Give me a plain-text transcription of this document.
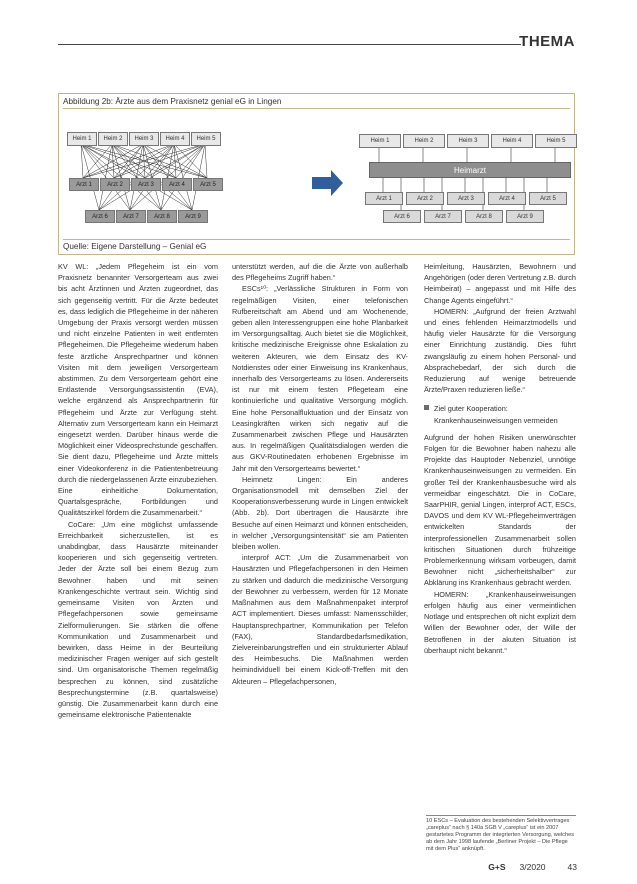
THEMA
Abbildung 2b: Ärzte aus dem Praxisnetz genial eG in Lingen
Quelle: Eigene Darstellung – Genial eG
Heim 1	Heim 2	Heim 3	Heim 4	Heim 5
Arzt 1	Arzt 2	Arzt 3	Arzt 4	Arzt 5
Arzt 6	Arzt 7	Arzt 8	Arzt 9
Heim 1	Heim 2	Heim 3	Heim 4	Heim 5
Heimarzt
Arzt 1	Arzt 2	Arzt 3	Arzt 4	Arzt 5
Arzt 6	Arzt 7	Arzt 8	Arzt 9

KV WL: „Jedem Pflegeheim ist ein vom Praxisnetz benannter Versorgerteam aus zwei bis acht Ärztinnen und Ärzten zugeordnet, das sich gegenseitig vertritt. Für die Ärzte bedeutet es, dass lediglich die Pflegeheime in der näheren Umgebung der Praxis versorgt werden müssen und nicht einzelne Patienten in weit entfernten Pflegeheimen. Die Pflegeheime wiederum haben feste ärztliche Ansprechpartner und können Visiten mit dem jeweiligen Versorgerteam abstimmen. Zu dem Versorgerteam gehört eine Entlastende Versorgungsassistentin (EVA), welche ergänzend als Ansprechpartnerin für Pflegeheim und Ärzte zur Verfügung steht. Alternativ zum Versorgerteam kann ein Heimarzt eingesetzt werden. Darüber hinaus werde die Möglichkeit einer Videosprechstunde geschaffen. Sie dient dazu, Pflegeheime und Ärzte mittels einer Videokonferenz in die Patientenbetreuung durch die niedergelassenen Ärzte einzubeziehen. Eine einheitliche Dokumentation, Quartalsgespräche, Fortbildungen und Qualitätszirkel fördern die Zusammenarbeit.“

CoCare: „Um eine möglichst umfassende Erreichbarkeit sicherzustellen, ist es unabdingbar, dass Hausärzte miteinander kooperieren und sich gegenseitig vertreten. Jeder der Ärzte soll bei einem Bezug zum Bewohner haben und mit seinen Krankengeschichte vertraut sein. Wichtig sind gemeinsame Visiten von Ärzten und Pflegefachpersonen sowie gemeinsame Zielformulierungen. Sie stärken die offene Kommunikation und Zusammenarbeit und bewirken, dass Heime in der Beurteilung medizinischer Fragen weniger auf sich gestellt sind. Um organisatorische Themen regelmäßig besprechen zu können, sind zusätzliche Besprechungstermine (z.B. quartalsweise) günstig. Die Zusammenarbeit kann durch eine gemeinsame elektronische Patientenakte

unterstützt werden, auf die die Ärzte von außerhalb des Pflegeheims Zugriff haben.“

ESCs¹⁰: „Verlässliche Strukturen in Form von regelmäßigen Visiten, einer telefonischen Rufbereitschaft am Abend und am Wochenende, geben allen Interessengruppen eine hohe Planbarkeit im Versorgungsalltag. Auch bietet sie die Möglichkeit, kritische medizinische Ereignisse ohne Eskalation zu weiteren Akteuren, wie dem Einsatz des KV-Notdienstes oder einer Einweisung ins Krankenhaus, innerhalb des Versorgerteams zu lösen. Andererseits ist nur mit einem festen Pflegeteam eine kontinuierliche und qualitative Versorgung möglich. Eine hohe Personalfluktuation und der Einsatz von Leasingkräften wirken sich negativ auf die Zusammenarbeit zwischen Pflege und Hausärzten aus. In regelmäßigen Qualitätsdialogen werden die aus GKV-Routinedaten erhobenen Ergebnisse im Jahr mit den Versorgerteams bewertet.“

Heimnetz Lingen: Ein anderes Organisationsmodell mit demselben Ziel der Kooperationsverbesserung wurde in Lingen entwickelt (Abb. 2b). Dort übertragen die Hausärzte ihre Besuche auf einen Heimarzt und können entscheiden, in welcher „Versorgungsintensität“ sie am Patienten bleiben wollen.

interprof ACT: „Um die Zusammenarbeit von Hausärzten und Pflegefachpersonen in den Heimen zu stärken und dadurch die medizinische Versorgung der Bewohner zu verbessern, werden für 12 Monate Maßnahmen aus dem Maßnahmenpaket interprof ACT implementiert. Dieses umfasst: Namensschilder, Hauptansprechpartner, Kommunikation per Telefon (FAX), Standardbedarfsmedikation, Zielvereinbarungstreffen und ein strukturierter Ablauf des Heimbesuchs. Die Maßnahmen werden heimindividuell bei einem Kick-off-Treffen mit den Akteuren – Pflegefachpersonen,

Heimleitung, Hausärzten, Bewohnern und Angehörigen (oder deren Vertretung z.B. durch Heimbeirat) – angepasst und mit Hilfe des Change Agents eingeführt.“

HOMERN: „Aufgrund der freien Arztwahl und eines fehlenden Heimarztmodells und häufig vieler Hausärzte für die Versorgung einer Einrichtung zuständig. Dies führt zwangsläufig zu einem hohen Personal- und Absprachebedarf, der sich durch die Reduzierung auf wenige betreuende Ärzte/Praxen reduzieren ließe.“

Ziel guter Kooperation:
Krankenhauseinweisungen vermeiden

Aufgrund der hohen Risiken unerwünschter Folgen für die Bewohner haben nahezu alle Projekte das Hauptoder Nebenziel, unnötige Krankenhauseinweisungen zu vermeiden. Ein großer Teil der Krankenhausbesuche wird als vermeidbar eingeschätzt. Die in CoCare, SaarPHIR, genial Lingen, interprof ACT, ESCs, DAVOS und dem KV WL-Pflegeheimverträgen entwickelten Standards der interprofessionellen Zusammenarbeit sollen kritischen Situationen durch frühzeitige Problemerkennung wirksam vorbeugen, damit Bewohner nicht „sicherheitshalber“ zur Abklärung ins Krankenhaus gebracht werden.

HOMERN: „Krankenhauseinweisungen erfolgen häufig aus einer vermeintlichen Notlage und entsprechen oft nicht explizit dem Willen der Bewohner oder, der Wille der Betroffenen in der akuten Situation ist überhaupt nicht bekannt.“

10 ESCs – Evaluation des bestehenden Selektivvertrages „careplus“ nach § 140a SGB V „careplus“ ist ein 2007 gestartetes Programm der integrierten Versorgung, welches ab dem Jahr 1998 laufende „Berliner Projekt – Die Pflege mit dem Plus“ anknüpft.
G+S 3/2020	43
